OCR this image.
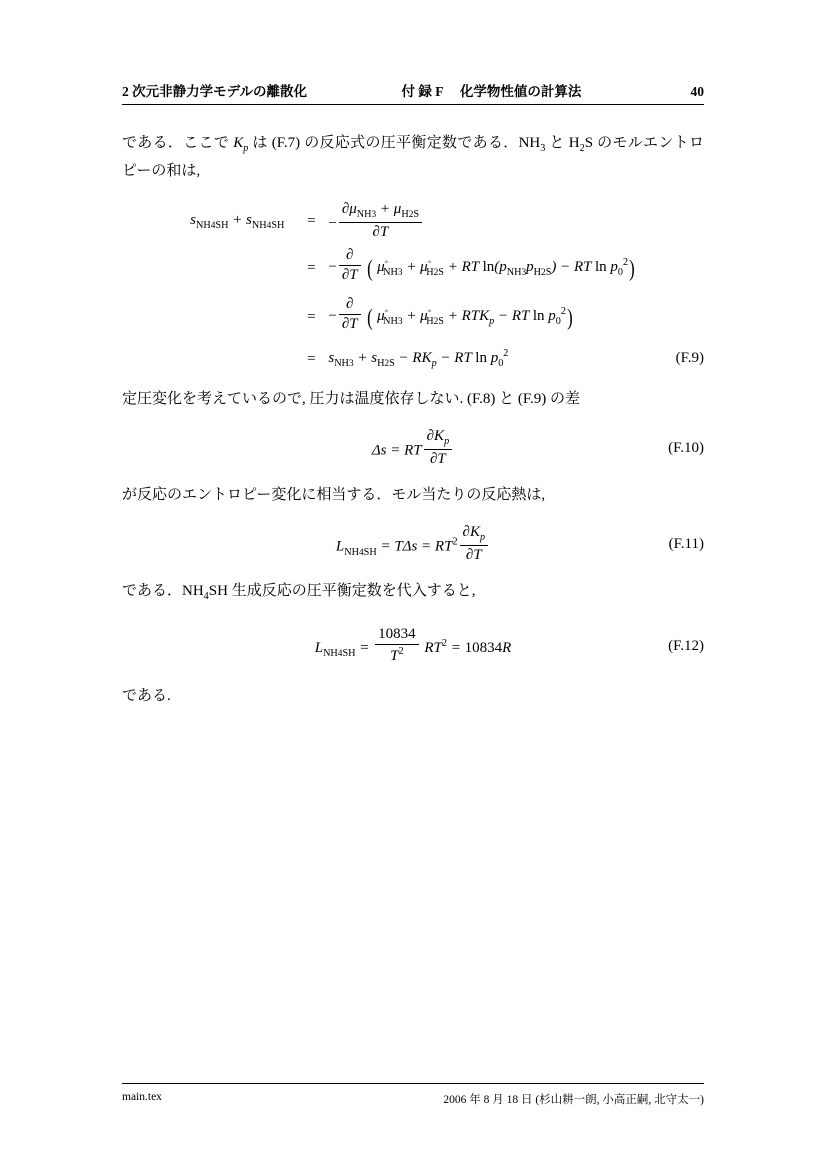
2 次元非静力学モデルの離散化	付 録 F　 化学物性値の計算法	40

である．ここで $K_p$ は (F.7) の反応式の圧平衡定数である．$NH_3$ と $H_2S$ のモルエントロピーの和は,

$s_{NH4SH} + s_{NH4SH}$	=	− $\frac{\partial\mu_{NH3} + \mu_{H2S}}{\partial T}$

	=	− $\frac{\partial}{\partial T}$ ( $\mu^◦_{NH3} + \mu^◦_{H2S}$ + RT $\ln(p_{NH3}p_{H2S})$ − RT $\ln p_0^2$)
	=	− $\frac{\partial}{\partial T}$ ( $\mu^◦_{NH3} + \mu^◦_{H2S} + RTK_p$ − RT $\ln p_0^2$)
	=	$s_{NH3} + s_{H2S} - RK_p$ − RT $\ln p_0^2$	(F.9)

定圧変化を考えているので, 圧力は温度依存しない. (F.8) と (F.9) の差

Δs = RT $\frac{\partial K_p}{\partial T}$	(F.10)

が反応のエントロピー変化に相当する．モル当たりの反応熱は,

$L_{NH4SH} = T\Delta s = RT^2 \frac{\partial K_p}{\partial T}$	(F.11)

である．$NH_4SH$ 生成反応の圧平衡定数を代入すると,

$L_{NH4SH} = \frac{10834}{T^2} RT^2 = 10834R$	(F.12)

である.

main.tex	2006 年 8 月 18 日 (杉山耕一朗, 小高正嗣, 北守太一)
